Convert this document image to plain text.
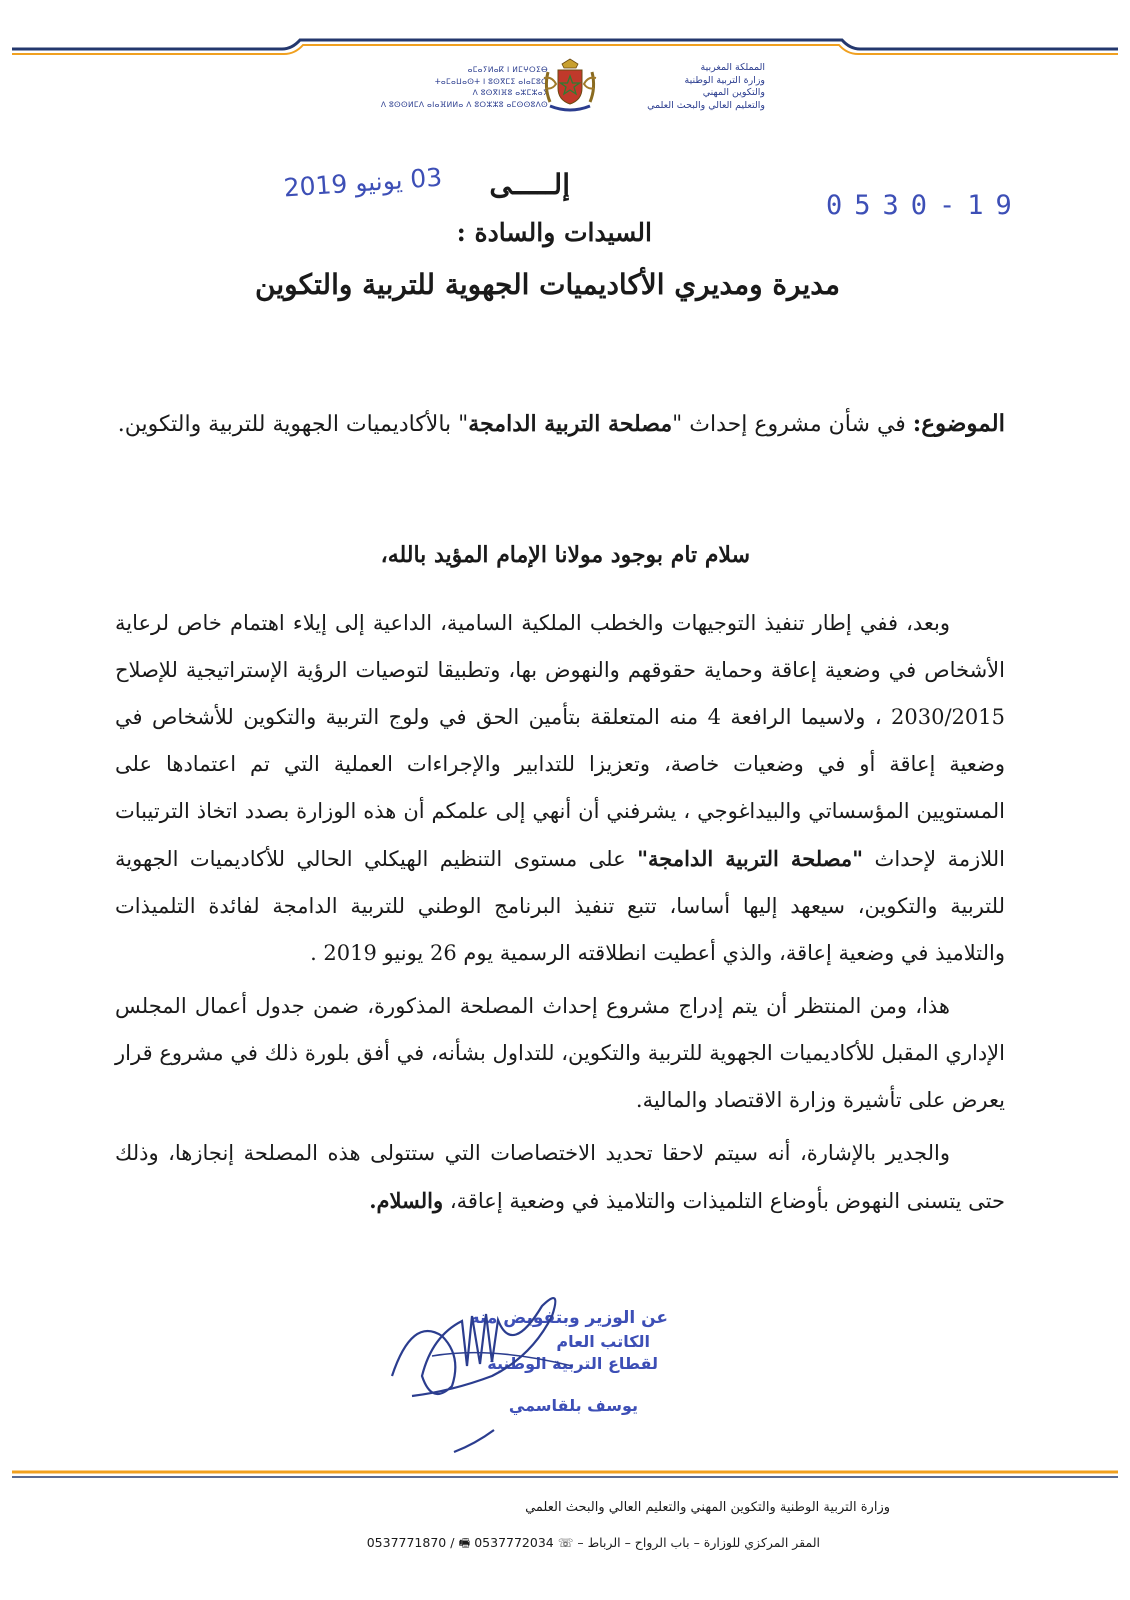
المملكة المغربية
وزارة التربية الوطنية
والتكوين المهني
والتعليم العالي والبحث العلمي
ⴰⵎⴰⵢⵍⴰⴽ ⵏ ⵍⵎⵖⵔⵉⴱ
ⵜⴰⵎⴰⵡⴰⵙⵜ ⵏ ⵓⵙⴳⵎⵉ ⴰⵏⴰⵎⵓⵔ
ⴷ ⵓⵙⴳⵏⴼⵓ ⴰⵣⵎⵣⴰⵢ
ⴷ ⵓⵙⵙⵍⵎⴷ ⴰⵏⴰⴼⵍⵍⴰ ⴷ ⵓⵔⵣⵣⵓ ⴰⵎⵙⵙⵓⴷⵙ
03 يونيو 2019
0530-19
إلـــــى
السيدات والسادة :
مديرة ومديري الأكاديميات الجهوية للتربية والتكوين
الموضوع: في شأن مشروع إحداث "مصلحة التربية الدامجة" بالأكاديميات الجهوية للتربية والتكوين.
سلام تام بوجود مولانا الإمام المؤيد بالله،

وبعد، ففي إطار تنفيذ التوجيهات والخطب الملكية السامية، الداعية إلى إيلاء اهتمام خاص لرعاية الأشخاص في وضعية إعاقة وحماية حقوقهم والنهوض بها، وتطبيقا لتوصيات الرؤية الإستراتيجية للإصلاح 2030/2015 ، ولاسيما الرافعة 4 منه المتعلقة بتأمين الحق في ولوج التربية والتكوين للأشخاص في وضعية إعاقة أو في وضعيات خاصة، وتعزيزا للتدابير والإجراءات العملية التي تم اعتمادها على المستويين المؤسساتي والبيداغوجي ، يشرفني أن أنهي إلى علمكم أن هذه الوزارة بصدد اتخاذ الترتيبات اللازمة لإحداث "مصلحة التربية الدامجة" على مستوى التنظيم الهيكلي الحالي للأكاديميات الجهوية للتربية والتكوين، سيعهد إليها أساسا، تتبع تنفيذ البرنامج الوطني للتربية الدامجة لفائدة التلميذات والتلاميذ في وضعية إعاقة، والذي أعطيت انطلاقته الرسمية يوم 26 يونيو 2019 .

هذا، ومن المنتظر أن يتم إدراج مشروع إحداث المصلحة المذكورة، ضمن جدول أعمال المجلس الإداري المقبل للأكاديميات الجهوية للتربية والتكوين، للتداول بشأنه، في أفق بلورة ذلك في مشروع قرار يعرض على تأشيرة وزارة الاقتصاد والمالية.

والجدير بالإشارة، أنه سيتم لاحقا تحديد الاختصاصات التي ستتولى هذه المصلحة إنجازها، وذلك حتى يتسنى النهوض بأوضاع التلميذات والتلاميذ في وضعية إعاقة، والسلام.

عن الوزير وبتفويض منه
الكاتب العام
لقطاع التربية الوطنية
يوسف بلقاسمي
وزارة التربية الوطنية والتكوين المهني والتعليم العالي والبحث العلمي
المقر المركزي للوزارة – باب الرواح – الرباط – ☏ 0537771870 / 🖷 0537772034
